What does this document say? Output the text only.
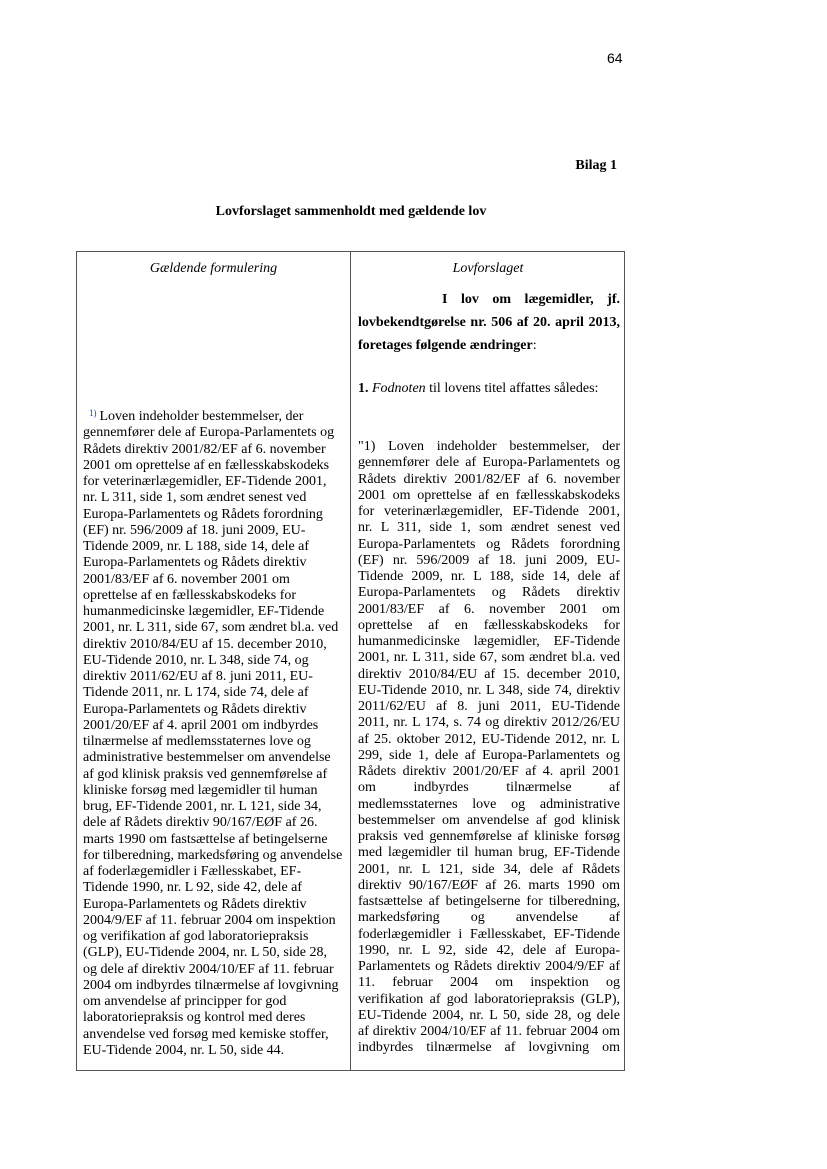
64
Bilag 1
Lovforslaget sammenholdt med gældende lov
Gældende formulering	Lovforslaget
I lov om lægemidler, jf.
lovbekendtgørelse nr. 506 af 20. april 2013,
foretages følgende ændringer:
1. Fodnoten til lovens titel affattes således:
$^{1)}$ Loven indeholder bestemmelser, der
gennemfører dele af Europa-Parlamentets og
Rådets direktiv 2001/82/EF af 6. november
2001 om oprettelse af en fællesskabskodeks
for veterinærlægemidler, EF-Tidende 2001,
nr. L 311, side 1, som ændret senest ved
Europa-Parlamentets og Rådets forordning
(EF) nr. 596/2009 af 18. juni 2009, EU-
Tidende 2009, nr. L 188, side 14, dele af
Europa-Parlamentets og Rådets direktiv
2001/83/EF af 6. november 2001 om
oprettelse af en fællesskabskodeks for
humanmedicinske lægemidler, EF-Tidende
2001, nr. L 311, side 67, som ændret bl.a. ved
direktiv 2010/84/EU af 15. december 2010,
EU-Tidende 2010, nr. L 348, side 74, og
direktiv 2011/62/EU af 8. juni 2011, EU-
Tidende 2011, nr. L 174, side 74, dele af
Europa-Parlamentets og Rådets direktiv
2001/20/EF af 4. april 2001 om indbyrdes
tilnærmelse af medlemsstaternes love og
administrative bestemmelser om anvendelse
af god klinisk praksis ved gennemførelse af
kliniske forsøg med lægemidler til human
brug, EF-Tidende 2001, nr. L 121, side 34,
dele af Rådets direktiv 90/167/EØF af 26.
marts 1990 om fastsættelse af betingelserne
for tilberedning, markedsføring og anvendelse
af foderlægemidler i Fællesskabet, EF-
Tidende 1990, nr. L 92, side 42, dele af
Europa-Parlamentets og Rådets direktiv
2004/9/EF af 11. februar 2004 om inspektion
og verifikation af god laboratoriepraksis
(GLP), EU-Tidende 2004, nr. L 50, side 28,
og dele af direktiv 2004/10/EF af 11. februar
2004 om indbyrdes tilnærmelse af lovgivning
om anvendelse af principper for god
laboratoriepraksis og kontrol med deres
anvendelse ved forsøg med kemiske stoffer,
EU-Tidende 2004, nr. L 50, side 44.
"1) Loven indeholder bestemmelser, der
gennemfører dele af Europa-Parlamentets og
Rådets direktiv 2001/82/EF af 6. november
2001 om oprettelse af en fællesskabskodeks
for veterinærlægemidler, EF-Tidende 2001,
nr. L 311, side 1, som ændret senest ved
Europa-Parlamentets og Rådets forordning
(EF) nr. 596/2009 af 18. juni 2009, EU-
Tidende 2009, nr. L 188, side 14, dele af
Europa-Parlamentets og Rådets direktiv
2001/83/EF af 6. november 2001 om
oprettelse af en fællesskabskodeks for
humanmedicinske lægemidler, EF-Tidende
2001, nr. L 311, side 67, som ændret bl.a. ved
direktiv 2010/84/EU af 15. december 2010,
EU-Tidende 2010, nr. L 348, side 74, direktiv
2011/62/EU af 8. juni 2011, EU-Tidende
2011, nr. L 174, s. 74 og direktiv 2012/26/EU
af 25. oktober 2012, EU-Tidende 2012, nr. L
299, side 1, dele af Europa-Parlamentets og
Rådets direktiv 2001/20/EF af 4. april 2001
om indbyrdes tilnærmelse af
medlemsstaternes love og administrative
bestemmelser om anvendelse af god klinisk
praksis ved gennemførelse af kliniske forsøg
med lægemidler til human brug, EF-Tidende
2001, nr. L 121, side 34, dele af Rådets
direktiv 90/167/EØF af 26. marts 1990 om
fastsættelse af betingelserne for tilberedning,
markedsføring og anvendelse af
foderlægemidler i Fællesskabet, EF-Tidende
1990, nr. L 92, side 42, dele af Europa-
Parlamentets og Rådets direktiv 2004/9/EF af
11. februar 2004 om inspektion og
verifikation af god laboratoriepraksis (GLP),
EU-Tidende 2004, nr. L 50, side 28, og dele
af direktiv 2004/10/EF af 11. februar 2004 om
indbyrdes tilnærmelse af lovgivning om
